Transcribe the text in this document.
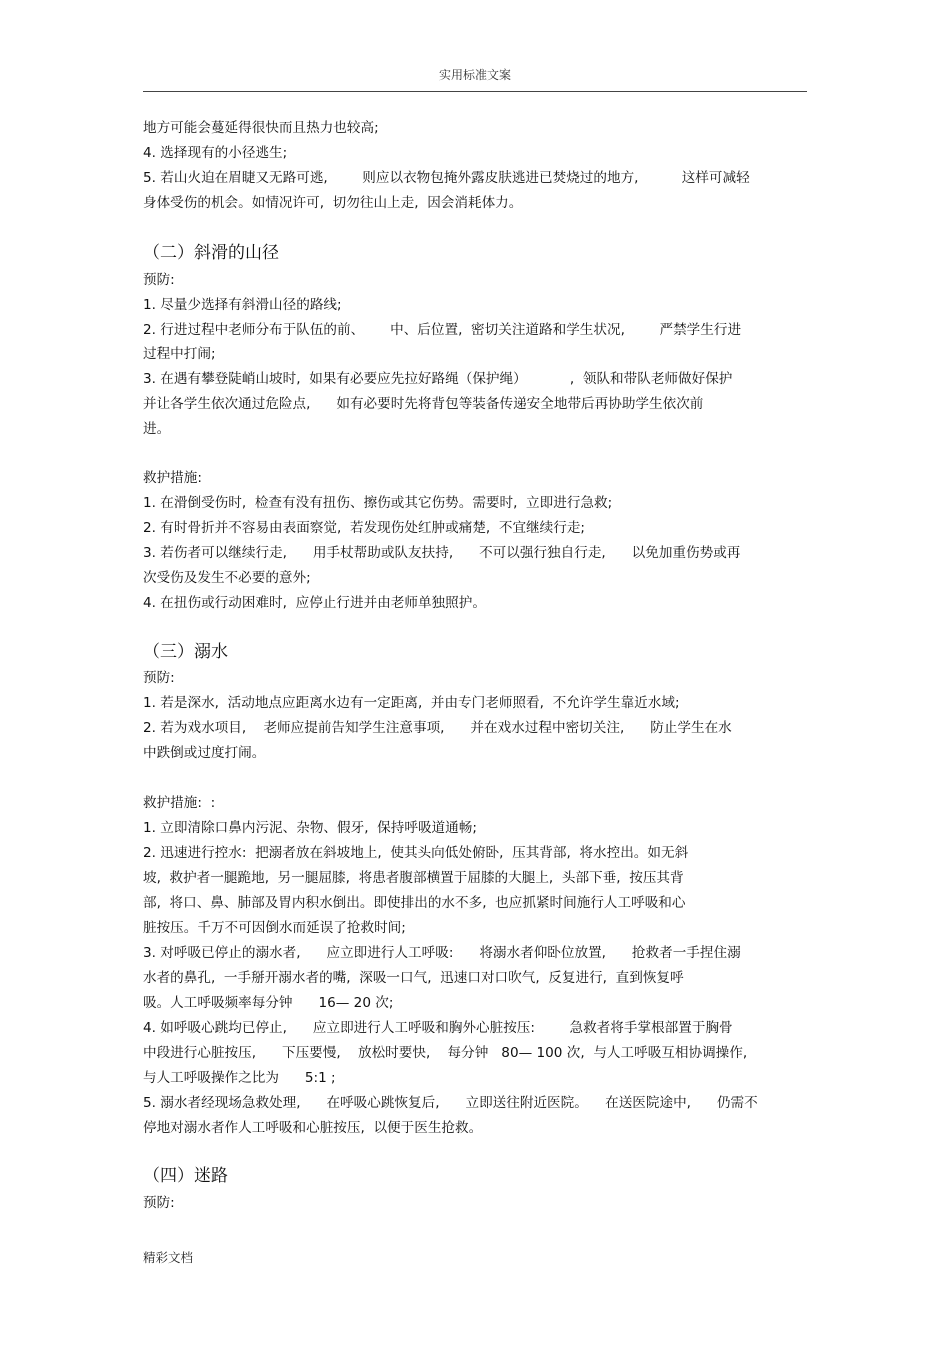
实用标准文案
地方可能会蔓延得很快而且热力也较高;
4. 选择现有的小径逃生;
5. 若山火迫在眉睫又无路可逃,        则应以衣物包掩外露皮肤逃进已焚烧过的地方,          这样可减轻
身体受伤的机会。如情况许可,  切勿往山上走,  因会消耗体力。
（二）斜滑的山径
预防:
1. 尽量少选择有斜滑山径的路线;
2. 行进过程中老师分布于队伍的前、      中、后位置,  密切关注道路和学生状况,        严禁学生行进
过程中打闹;
3. 在遇有攀登陡峭山坡时,  如果有必要应先拉好路绳（保护绳）          ,  领队和带队老师做好保护
并让各学生依次通过危险点,      如有必要时先将背包等装备传递安全地带后再协助学生依次前
进。
救护措施:
1. 在滑倒受伤时,  检查有没有扭伤、擦伤或其它伤势。需要时,  立即进行急救;
2. 有时骨折并不容易由表面察觉,  若发现伤处红肿或痛楚,  不宜继续行走;
3. 若伤者可以继续行走,      用手杖帮助或队友扶持,      不可以强行独自行走,      以免加重伤势或再
次受伤及发生不必要的意外;
4. 在扭伤或行动困难时,  应停止行进并由老师单独照护。
（三）溺水
预防:
1. 若是深水,  活动地点应距离水边有一定距离,  并由专门老师照看,  不允许学生靠近水域;
2. 若为戏水项目,    老师应提前告知学生注意事项,      并在戏水过程中密切关注,      防止学生在水
中跌倒或过度打闹。
救护措施:  :
1. 立即清除口鼻内污泥、杂物、假牙,  保持呼吸道通畅;
2. 迅速进行控水:  把溺者放在斜坡地上,  使其头向低处俯卧,  压其背部,  将水控出。如无斜
坡,  救护者一腿跪地,  另一腿屈膝,  将患者腹部横置于屈膝的大腿上,  头部下垂,  按压其背
部,  将口、鼻、肺部及胃内积水倒出。即使排出的水不多,  也应抓紧时间施行人工呼吸和心
脏按压。千万不可因倒水而延误了抢救时间;
3. 对呼吸已停止的溺水者,      应立即进行人工呼吸:      将溺水者仰卧位放置,      抢救者一手捏住溺
水者的鼻孔,  一手掰开溺水者的嘴,  深吸一口气,  迅速口对口吹气,  反复进行,  直到恢复呼
吸。人工呼吸频率每分钟      16— 20 次;
4. 如呼吸心跳均已停止,      应立即进行人工呼吸和胸外心脏按压:        急救者将手掌根部置于胸骨
中段进行心脏按压,      下压要慢,    放松时要快,    每分钟   80— 100 次,  与人工呼吸互相协调操作,
与人工呼吸操作之比为      5:1 ;
5. 溺水者经现场急救处理,      在呼吸心跳恢复后,      立即送往附近医院。    在送医院途中,      仍需不
停地对溺水者作人工呼吸和心脏按压,  以便于医生抢救。
（四）迷路
预防:
精彩文档
